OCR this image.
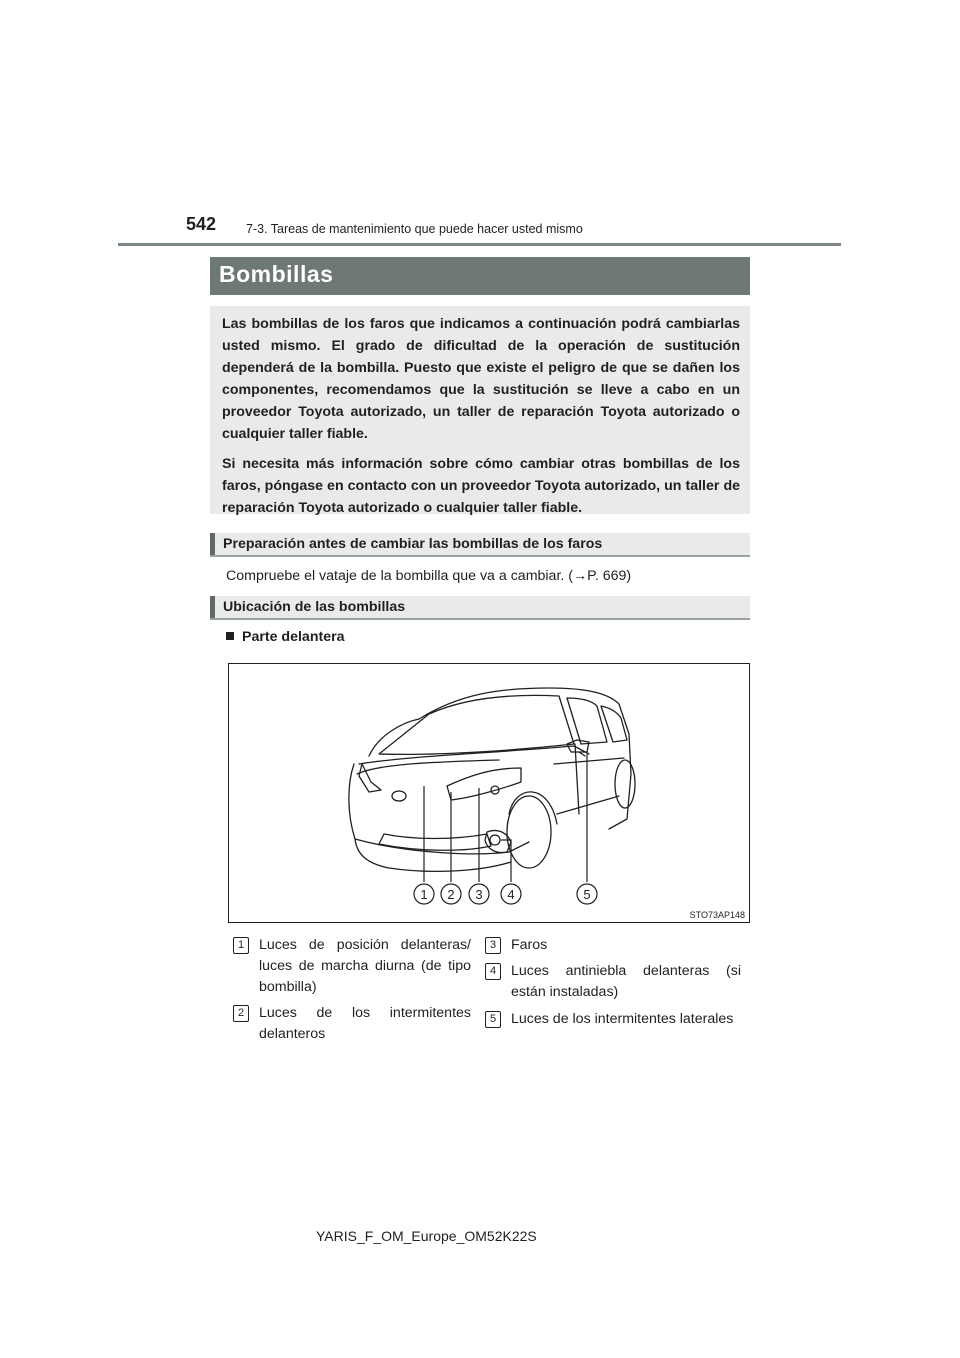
542 7-3. Tareas de mantenimiento que puede hacer usted mismo
Bombillas

Las bombillas de los faros que indicamos a continuación podrá cambiarlas usted mismo. El grado de dificultad de la operación de sustitución dependerá de la bombilla. Puesto que existe el peligro de que se dañen los componentes, recomendamos que la sustitución se lleve a cabo en un proveedor Toyota autorizado, un taller de reparación Toyota autorizado o cualquier taller fiable.

Si necesita más información sobre cómo cambiar otras bombillas de los faros, póngase en contacto con un proveedor Toyota autorizado, un taller de reparación Toyota autorizado o cualquier taller fiable.

Preparación antes de cambiar las bombillas de los faros
Compruebe el vataje de la bombilla que va a cambiar. (→P. 669)
Ubicación de las bombillas
Parte delantera
1 2 3 4	5
STO73AP148
1	Luces de posición delanteras/ luces de marcha diurna (de tipo bombilla)
2	Luces de los intermitentes delanteros
3	Faros
4	Luces antiniebla delanteras (si están instaladas)
5	Luces de los intermitentes laterales
YARIS_F_OM_Europe_OM52K22S
